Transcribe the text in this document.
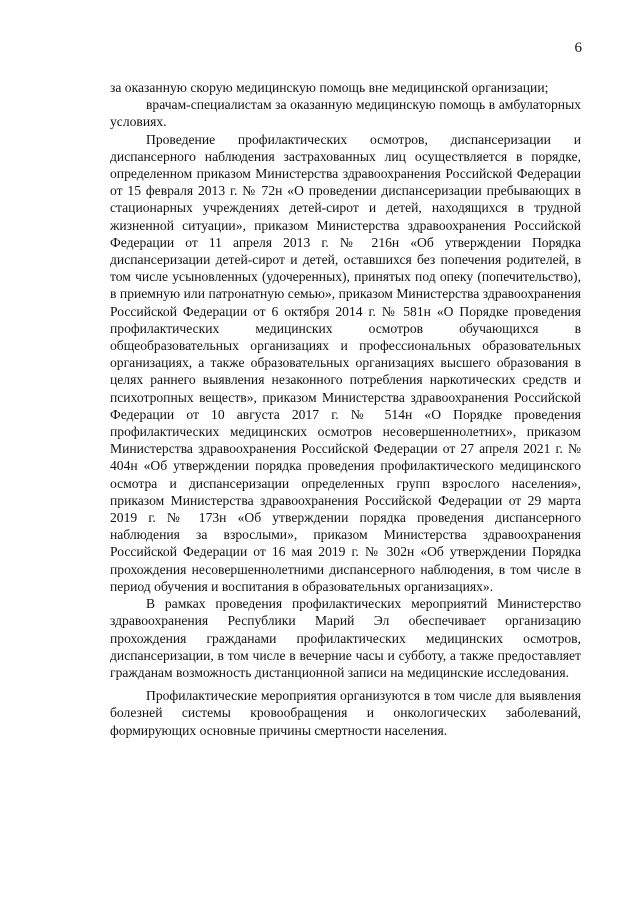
6

за оказанную скорую медицинскую помощь вне медицинской организации;

врачам-специалистам за оказанную медицинскую помощь в амбулаторных условиях.

Проведение профилактических осмотров, диспансеризации и диспансерного наблюдения застрахованных лиц осуществляется в порядке, определенном приказом Министерства здравоохранения Российской Федерации от 15 февраля 2013 г. № 72н «О проведении диспансеризации пребывающих в стационарных учреждениях детей-сирот и детей, находящихся в трудной жизненной ситуации», приказом Министерства здравоохранения Российской Федерации от 11 апреля 2013 г. № 216н «Об утверждении Порядка диспансеризации детей-сирот и детей, оставшихся без попечения родителей, в том числе усыновленных (удочеренных), принятых под опеку (попечительство), в приемную или патронатную семью», приказом Министерства здравоохранения Российской Федерации от 6 октября 2014 г. № 581н «О Порядке проведения профилактических медицинских осмотров обучающихся в общеобразовательных организациях и профессиональных образовательных организациях, а также образовательных организациях высшего образования в целях раннего выявления незаконного потребления наркотических средств и психотропных веществ», приказом Министерства здравоохранения Российской Федерации от 10 августа 2017 г. № 514н «О Порядке проведения профилактических медицинских осмотров несовершеннолетних», приказом Министерства здравоохранения Российской Федерации от 27 апреля 2021 г. № 404н «Об утверждении порядка проведения профилактического медицинского осмотра и диспансеризации определенных групп взрослого населения», приказом Министерства здравоохранения Российской Федерации от 29 марта 2019 г. № 173н «Об утверждении порядка проведения диспансерного наблюдения за взрослыми», приказом Министерства здравоохранения Российской Федерации от 16 мая 2019 г. № 302н «Об утверждении Порядка прохождения несовершеннолетними диспансерного наблюдения, в том числе в период обучения и воспитания в образовательных организациях».

В рамках проведения профилактических мероприятий Министерство здравоохранения Республики Марий Эл обеспечивает организацию прохождения гражданами профилактических медицинских осмотров, диспансеризации, в том числе в вечерние часы и субботу, а также предоставляет гражданам возможность дистанционной записи на медицинские исследования.

Профилактические мероприятия организуются в том числе для выявления болезней системы кровообращения и онкологических заболеваний, формирующих основные причины смертности населения.
